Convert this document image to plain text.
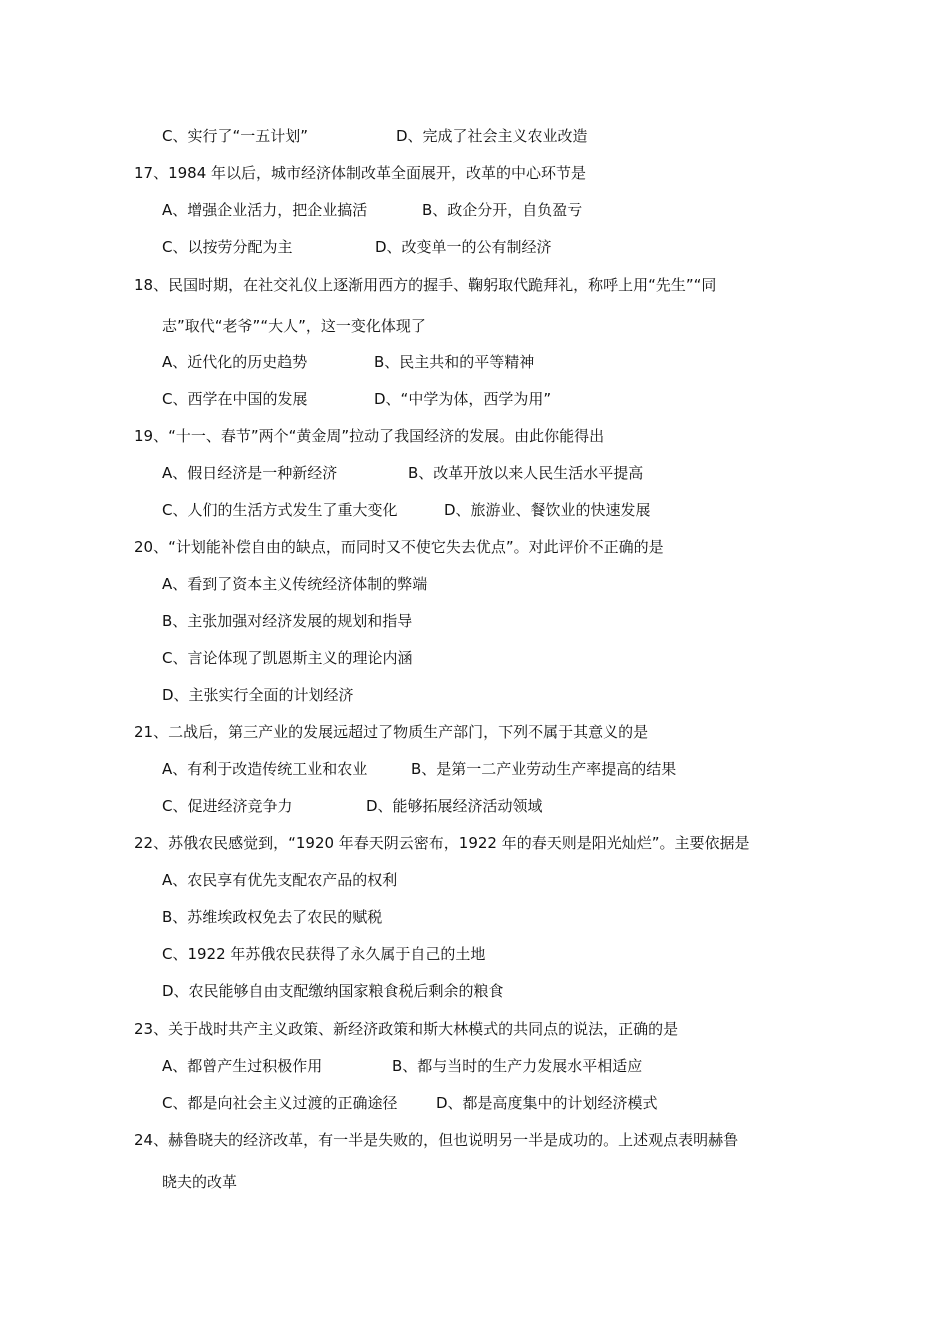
C、实行了“一五计划”	D、完成了社会主义农业改造
17、1984 年以后，城市经济体制改革全面展开，改革的中心环节是
A、增强企业活力，把企业搞活	B、政企分开，自负盈亏
C、以按劳分配为主	D、改变单一的公有制经济
18、民国时期，在社交礼仪上逐渐用西方的握手、鞠躬取代跪拜礼，称呼上用“先生”“同
志”取代“老爷”“大人”，这一变化体现了
A、近代化的历史趋势	B、民主共和的平等精神
C、西学在中国的发展	D、“中学为体，西学为用”
19、“十一、春节”两个“黄金周”拉动了我国经济的发展。由此你能得出
A、假日经济是一种新经济	B、改革开放以来人民生活水平提高
C、人们的生活方式发生了重大变化	D、旅游业、餐饮业的快速发展
20、“计划能补偿自由的缺点，而同时又不使它失去优点”。对此评价不正确的是
A、看到了资本主义传统经济体制的弊端
B、主张加强对经济发展的规划和指导
C、言论体现了凯恩斯主义的理论内涵
D、主张实行全面的计划经济
21、二战后，第三产业的发展远超过了物质生产部门，下列不属于其意义的是
A、有利于改造传统工业和农业	B、是第一二产业劳动生产率提高的结果
C、促进经济竞争力	D、能够拓展经济活动领域
22、苏俄农民感觉到，“1920 年春天阴云密布，1922 年的春天则是阳光灿烂”。主要依据是
A、农民享有优先支配农产品的权利
B、苏维埃政权免去了农民的赋税
C、1922 年苏俄农民获得了永久属于自己的土地
D、农民能够自由支配缴纳国家粮食税后剩余的粮食
23、关于战时共产主义政策、新经济政策和斯大林模式的共同点的说法，正确的是
A、都曾产生过积极作用	B、都与当时的生产力发展水平相适应
C、都是向社会主义过渡的正确途径	D、都是高度集中的计划经济模式
24、赫鲁晓夫的经济改革，有一半是失败的，但也说明另一半是成功的。上述观点表明赫鲁
晓夫的改革
